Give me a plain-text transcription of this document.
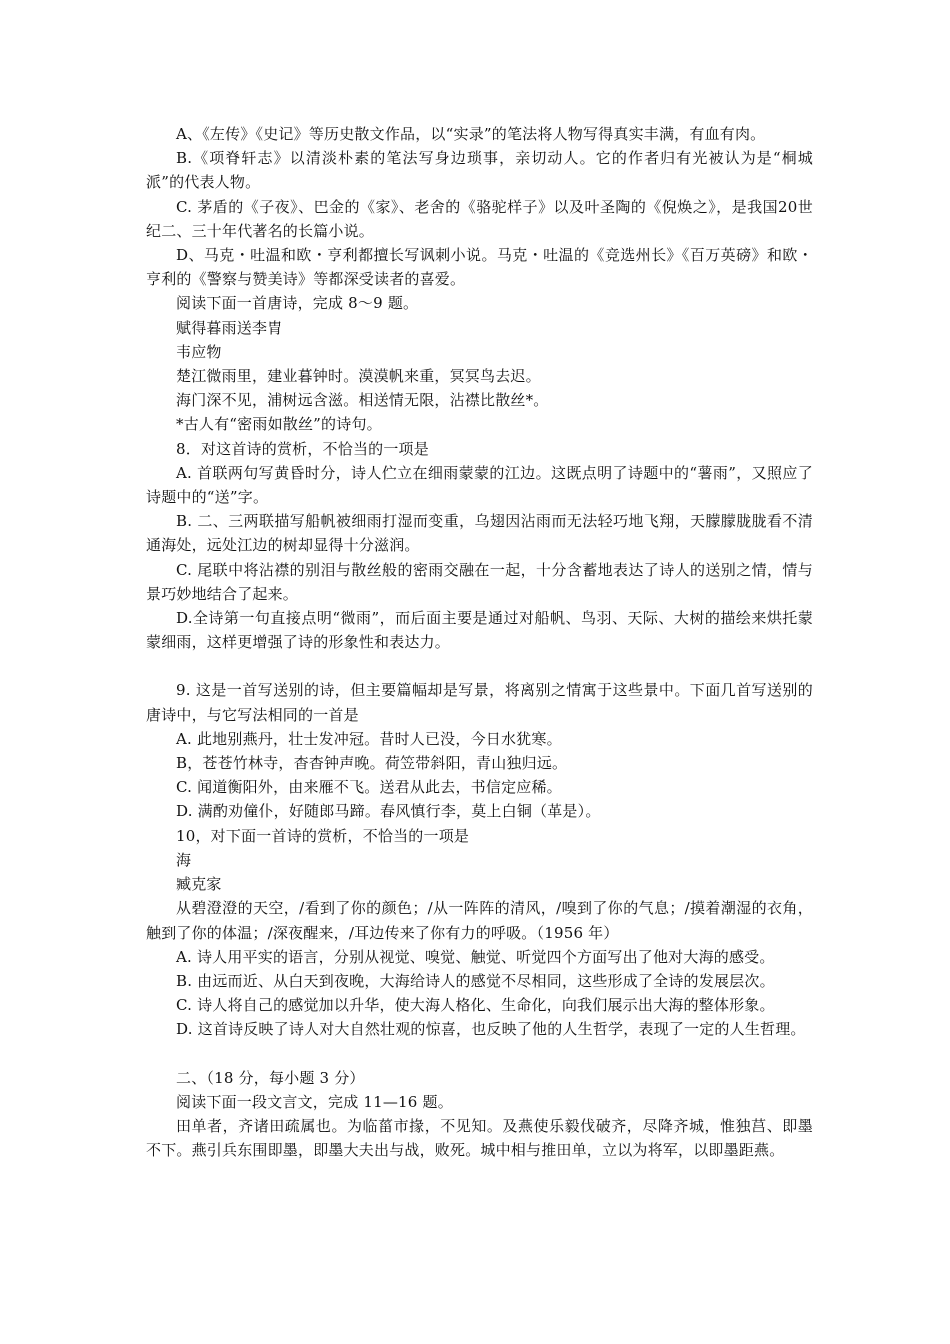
A、《左传》《史记》等历史散文作品，以“实录”的笔法将人物写得真实丰满，有血有肉。

B.《项脊轩志》以清淡朴素的笔法写身边琐事，亲切动人。它的作者归有光被认为是“桐城派”的代表人物。

C. 茅盾的《子夜》、巴金的《家》、老舍的《骆驼样子》以及叶圣陶的《倪焕之》，是我国20世纪二、三十年代著名的长篇小说。

D、马克・吐温和欧・亨利都擅长写讽刺小说。马克・吐温的《竞选州长》《百万英磅》和欧・亨利的《警察与赞美诗》等都深受读者的喜爱。

阅读下面一首唐诗，完成 8～9 题。

赋得暮雨送李胄

韦应物

楚江微雨里，建业暮钟时。漠漠帆来重，冥冥鸟去迟。

海门深不见，浦树远含滋。相送情无限，沾襟比散丝*。

*古人有“密雨如散丝”的诗句。

8．对这首诗的赏析，不恰当的一项是

A. 首联两句写黄昏时分，诗人伫立在细雨蒙蒙的江边。这既点明了诗题中的“薯雨”，又照应了诗题中的“送”字。

B. 二、三两联描写船帆被细雨打湿而变重，乌翅因沾雨而无法轻巧地飞翔，天朦朦胧胧看不清通海处，远处江边的树却显得十分滋润。

C. 尾联中将沾襟的别泪与散丝般的密雨交融在一起，十分含蓄地表达了诗人的送别之情，情与景巧妙地结合了起来。

D.全诗第一句直接点明“微雨”，而后面主要是通过对船帆、鸟羽、天际、大树的描绘来烘托蒙蒙细雨，这样更增强了诗的形象性和表达力。

9. 这是一首写送别的诗，但主要篇幅却是写景，将离别之情寓于这些景中。下面几首写送别的唐诗中，与它写法相同的一首是

A. 此地别燕丹，壮士发冲冠。昔时人已没，今日水犹寒。

B，苍苍竹林寺，杳杳钟声晚。荷笠带斜阳，青山独归远。

C. 闻道衡阳外，由来雁不飞。送君从此去，书信定应稀。

D. 满酌劝僮仆，好随郎马蹄。春风慎行李，莫上白铜（革是）。

10，对下面一首诗的赏析，不恰当的一项是

海

臧克家

从碧澄澄的天空，/看到了你的颜色；/从一阵阵的清风，/嗅到了你的气息；/摸着潮湿的衣角，触到了你的体温；/深夜醒来，/耳边传来了你有力的呼吸。（1956 年）

A. 诗人用平实的语言，分别从视觉、嗅觉、触觉、听觉四个方面写出了他对大海的感受。

B. 由远而近、从白天到夜晚，大海给诗人的感觉不尽相同，这些形成了全诗的发展层次。

C. 诗人将自己的感觉加以升华，使大海人格化、生命化，向我们展示出大海的整体形象。

D. 这首诗反映了诗人对大自然壮观的惊喜，也反映了他的人生哲学，表现了一定的人生哲理。

二、（18 分，每小题 3 分）

阅读下面一段文言文，完成 11—16 题。

田单者，齐诸田疏属也。为临菑市掾，不见知。及燕使乐毅伐破齐，尽降齐城，惟独莒、即墨不下。燕引兵东围即墨，即墨大夫出与战，败死。城中相与推田单，立以为将军，以即墨距燕。
